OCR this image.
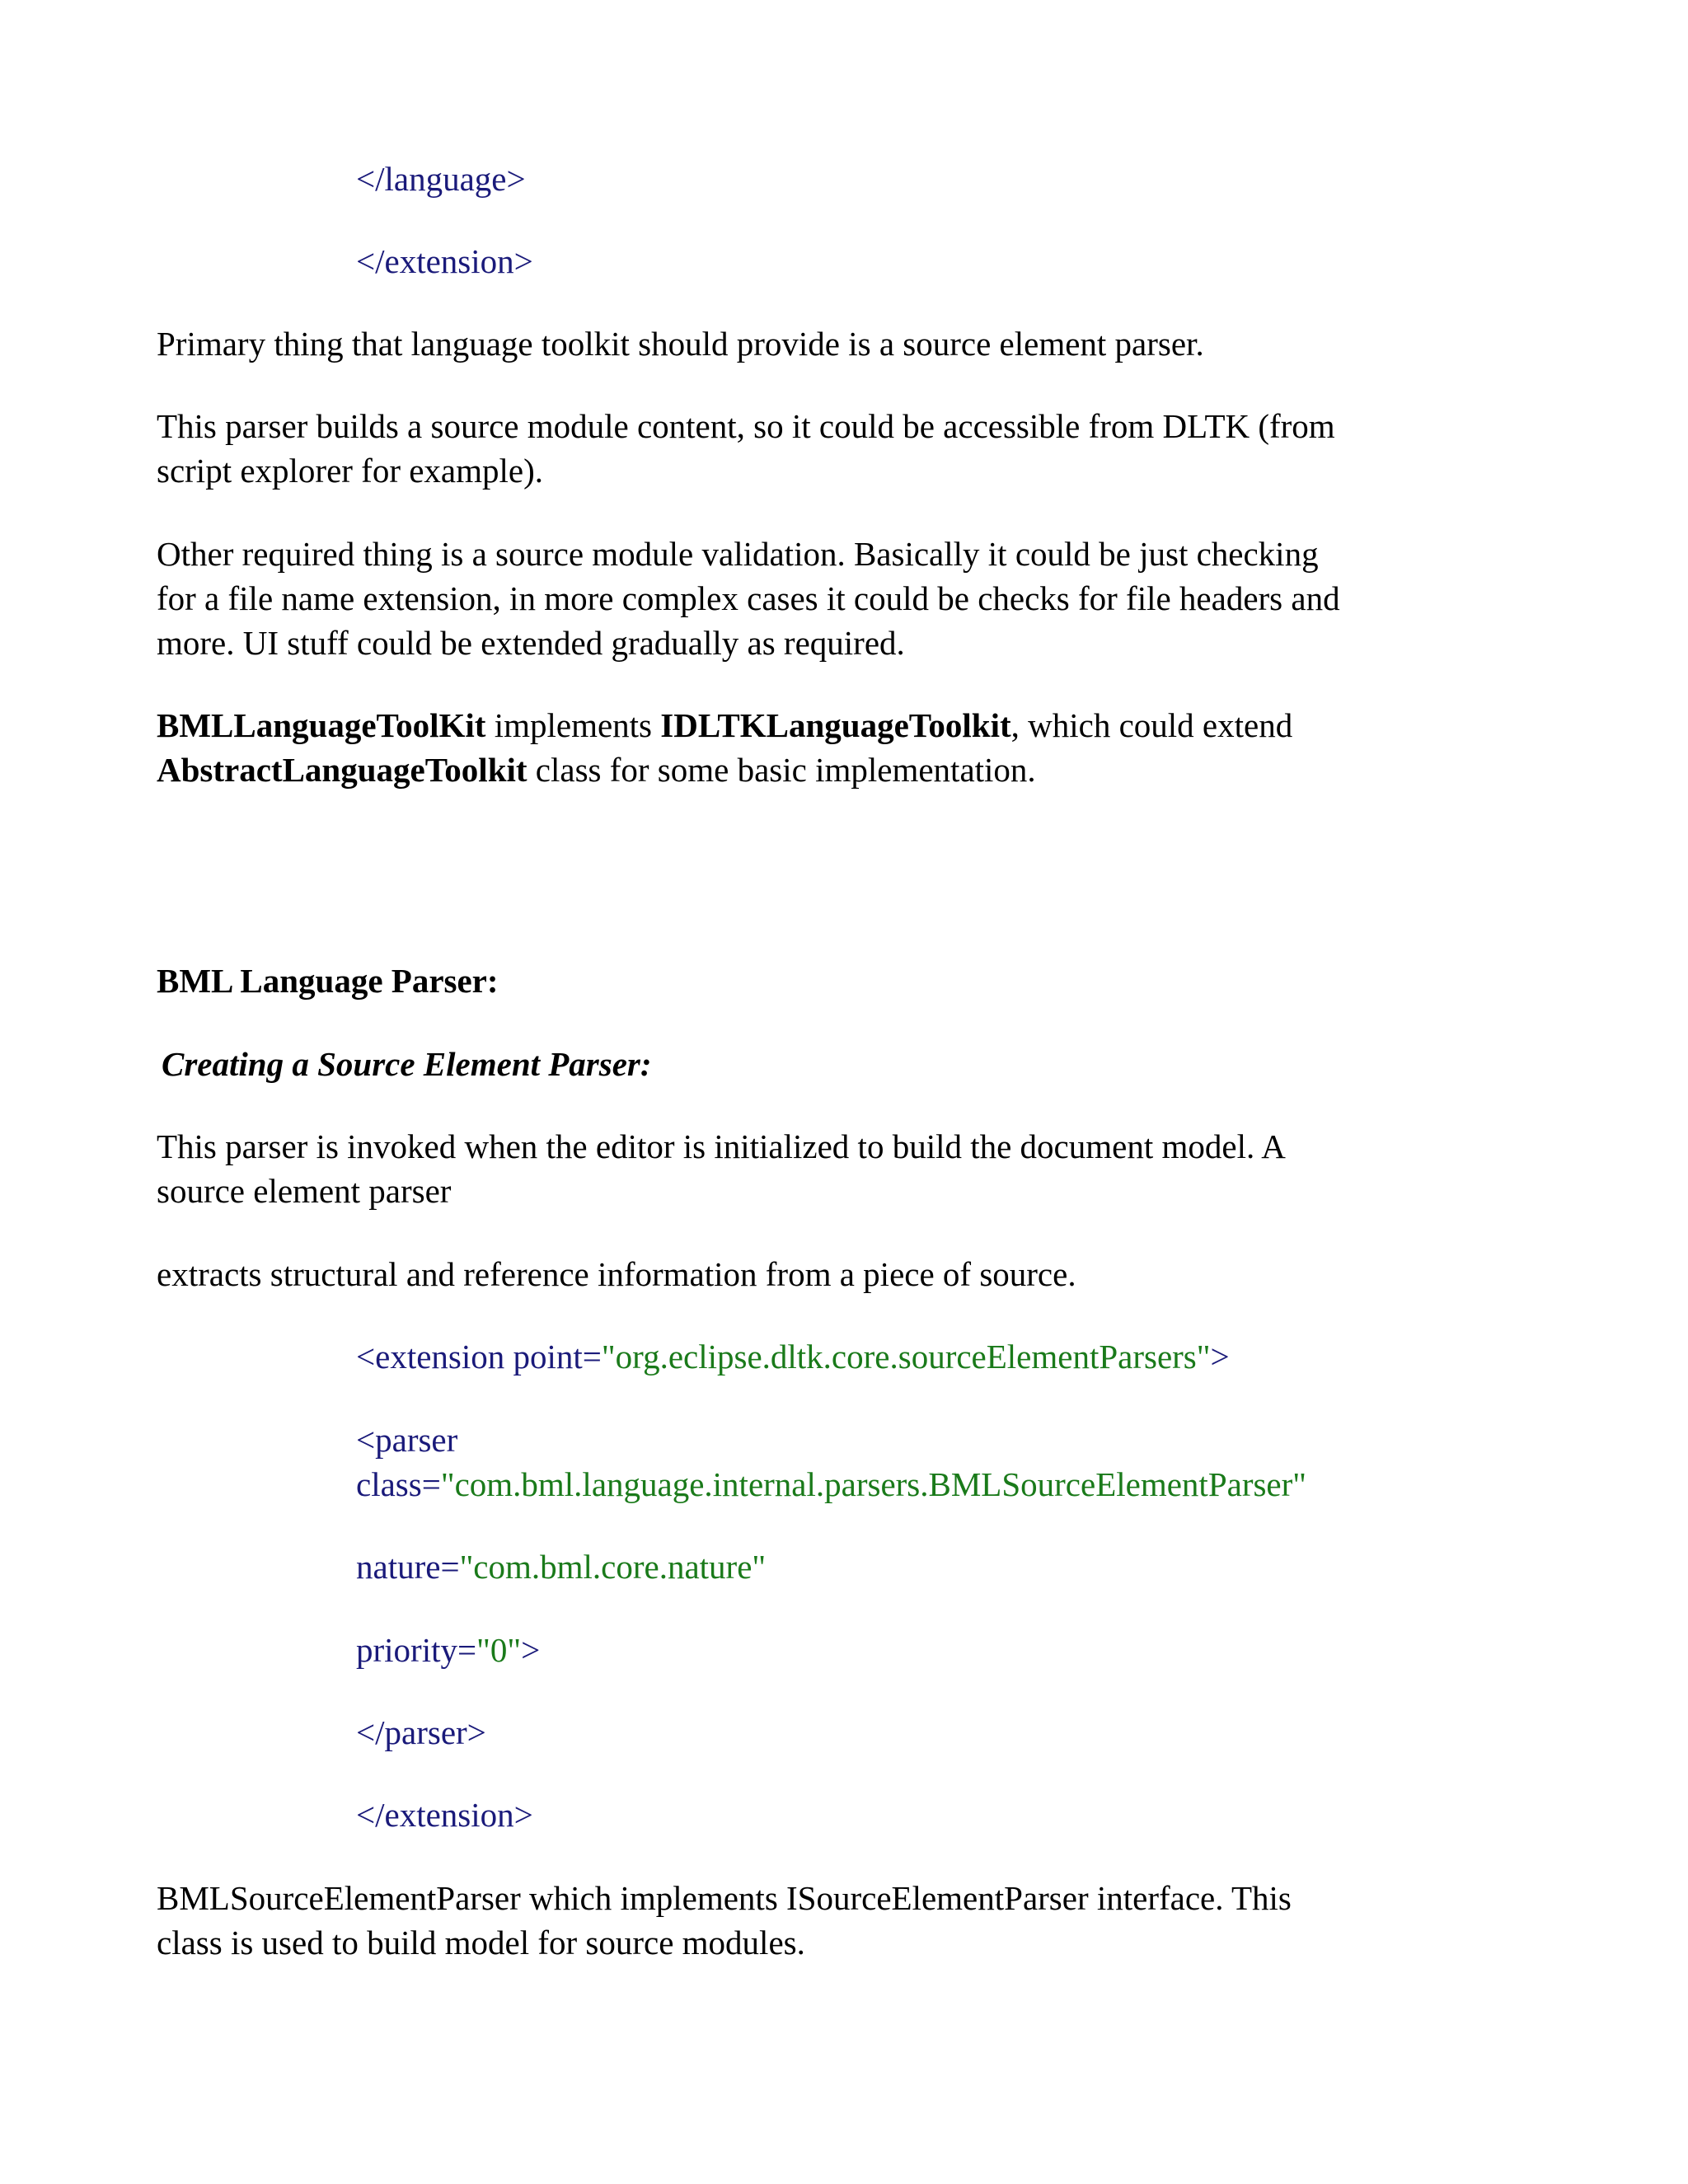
</language>
</extension>
Primary thing that language toolkit should provide is a source element parser.
This parser builds a source module content, so it could be accessible from DLTK (from
script explorer for example).
Other required thing is a source module validation. Basically it could be just checking
for a file name extension, in more complex cases it could be checks for file headers and
more. UI stuff could be extended gradually as required.
BMLLanguageToolKit implements IDLTKLanguageToolkit, which could extend
AbstractLanguageToolkit class for some basic implementation.
BML Language Parser:
Creating a Source Element Parser:
This parser is invoked when the editor is initialized to build the document model. A
source element parser
extracts structural and reference information from a piece of source.
<extension point="org.eclipse.dltk.core.sourceElementParsers">
<parser
class="com.bml.language.internal.parsers.BMLSourceElementParser"
nature="com.bml.core.nature"
priority="0">
</parser>
</extension>
BMLSourceElementParser which implements ISourceElementParser interface. This
class is used to build model for source modules.
